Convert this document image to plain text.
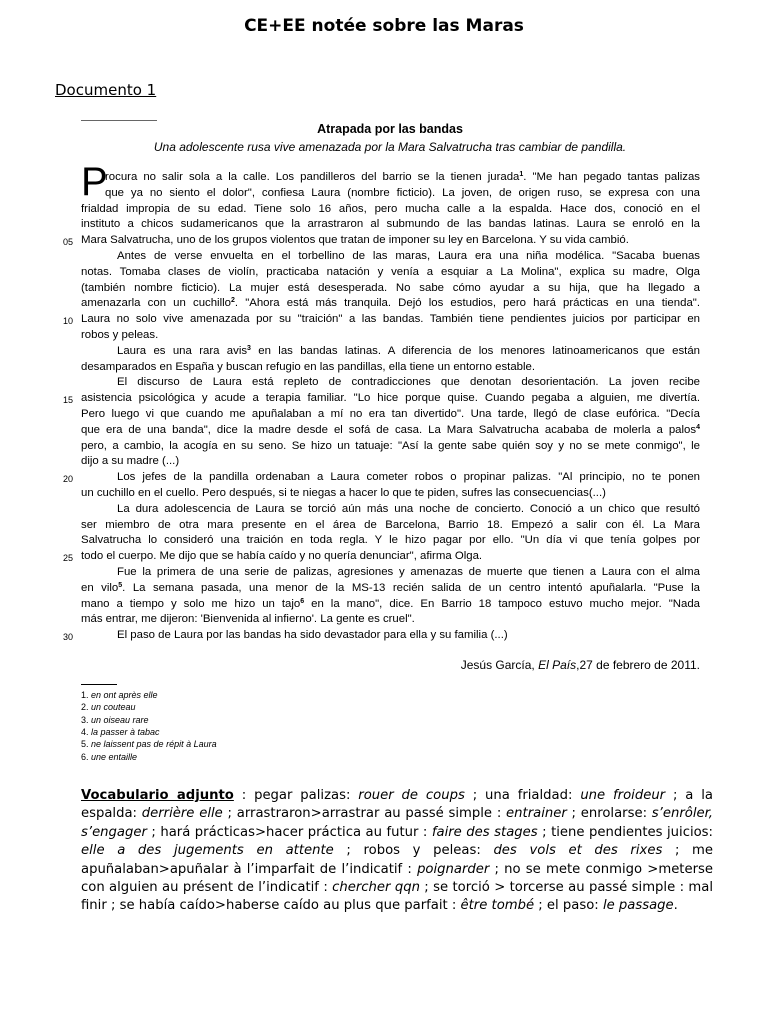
CE+EE notée sobre las Maras
Documento 1
Atrapada por las bandas
Una adolescente rusa vive amenazada por la Mara Salvatrucha tras cambiar de pandilla.
P
rocura no salir sola a la calle. Los pandilleros del barrio se la tienen jurada$^1$. "Me han pegado tantas palizas
que ya no siento el dolor", confiesa Laura (nombre ficticio). La joven, de origen ruso, se expresa con una
frialdad impropia de su edad. Tiene solo 16 años, pero mucha calle a la espalda. Hace dos, conoció en el
instituto a chicos sudamericanos que la arrastraron al submundo de las bandas latinas. Laura se enroló en la
Mara Salvatrucha, uno de los grupos violentos que tratan de imponer su ley en Barcelona. Y su vida cambió.
Antes de verse envuelta en el torbellino de las maras, Laura era una niña modélica. "Sacaba buenas
notas. Tomaba clases de violín, practicaba natación y venía a esquiar a La Molina", explica su madre, Olga
(también nombre ficticio). La mujer está desesperada. No sabe cómo ayudar a su hija, que ha llegado a
amenazarla con un cuchillo$^2$. "Ahora está más tranquila. Dejó los estudios, pero hará prácticas en una tienda".
Laura no solo vive amenazada por su "traición" a las bandas. También tiene pendientes juicios por participar en
robos y peleas.
Laura es una rara avis$^3$ en las bandas latinas. A diferencia de los menores latinoamericanos que están
desamparados en España y buscan refugio en las pandillas, ella tiene un entorno estable.
El discurso de Laura está repleto de contradicciones que denotan desorientación. La joven recibe
asistencia psicológica y acude a terapia familiar. "Lo hice porque quise. Cuando pegaba a alguien, me divertía.
Pero luego vi que cuando me apuñalaban a mí no era tan divertido". Una tarde, llegó de clase eufórica. "Decía
que era de una banda", dice la madre desde el sofá de casa. La Mara Salvatrucha acababa de molerla a palos$^4$
pero, a cambio, la acogía en su seno. Se hizo un tatuaje: "Así la gente sabe quién soy y no se mete conmigo", le
dijo a su madre (...)
Los jefes de la pandilla ordenaban a Laura cometer robos o propinar palizas. "Al principio, no te ponen
un cuchillo en el cuello. Pero después, si te niegas a hacer lo que te piden, sufres las consecuencias(...)
La dura adolescencia de Laura se torció aún más una noche de concierto. Conoció a un chico que resultó
ser miembro de otra mara presente en el área de Barcelona, Barrio 18. Empezó a salir con él. La Mara
Salvatrucha lo consideró una traición en toda regla. Y le hizo pagar por ello. "Un día vi que tenía golpes por
todo el cuerpo. Me dijo que se había caído y no quería denunciar", afirma Olga.
Fue la primera de una serie de palizas, agresiones y amenazas de muerte que tienen a Laura con el alma
en vilo$^5$. La semana pasada, una menor de la MS-13 recién salida de un centro intentó apuñalarla. "Puse la
mano a tiempo y solo me hizo un tajo$^6$ en la mano", dice. En Barrio 18 tampoco estuvo mucho mejor. "Nada
más entrar, me dijeron: 'Bienvenida al infierno'. La gente es cruel".
El paso de Laura por las bandas ha sido devastador para ella y su familia (...)
05
10
15
20
25
30
Jesús García, El País,27 de febrero de 2011.
1. en ont après elle
2. un couteau
3. un oiseau rare
4. la passer à tabac
5. ne laissent pas de répit à Laura
6. une entaille
Vocabulario adjunto : pegar palizas: rouer de coups ; una frialdad: une froideur ; a la espalda: derrière elle ; arrastraron>arrastrar au passé simple : entrainer ; enrolarse: s’enrôler, s’engager ; hará prácticas>hacer práctica au futur : faire des stages ; tiene pendientes juicios: elle a des jugements en attente ; robos y peleas: des vols et des rixes ; me apuñalaban>apuñalar à l’imparfait de l’indicatif : poignarder ; no se mete conmigo >meterse con alguien au présent de l’indicatif : chercher qqn ; se torció > torcerse au passé simple : mal finir ; se había caído>haberse caído au plus que parfait : être tombé ; el paso: le passage.
